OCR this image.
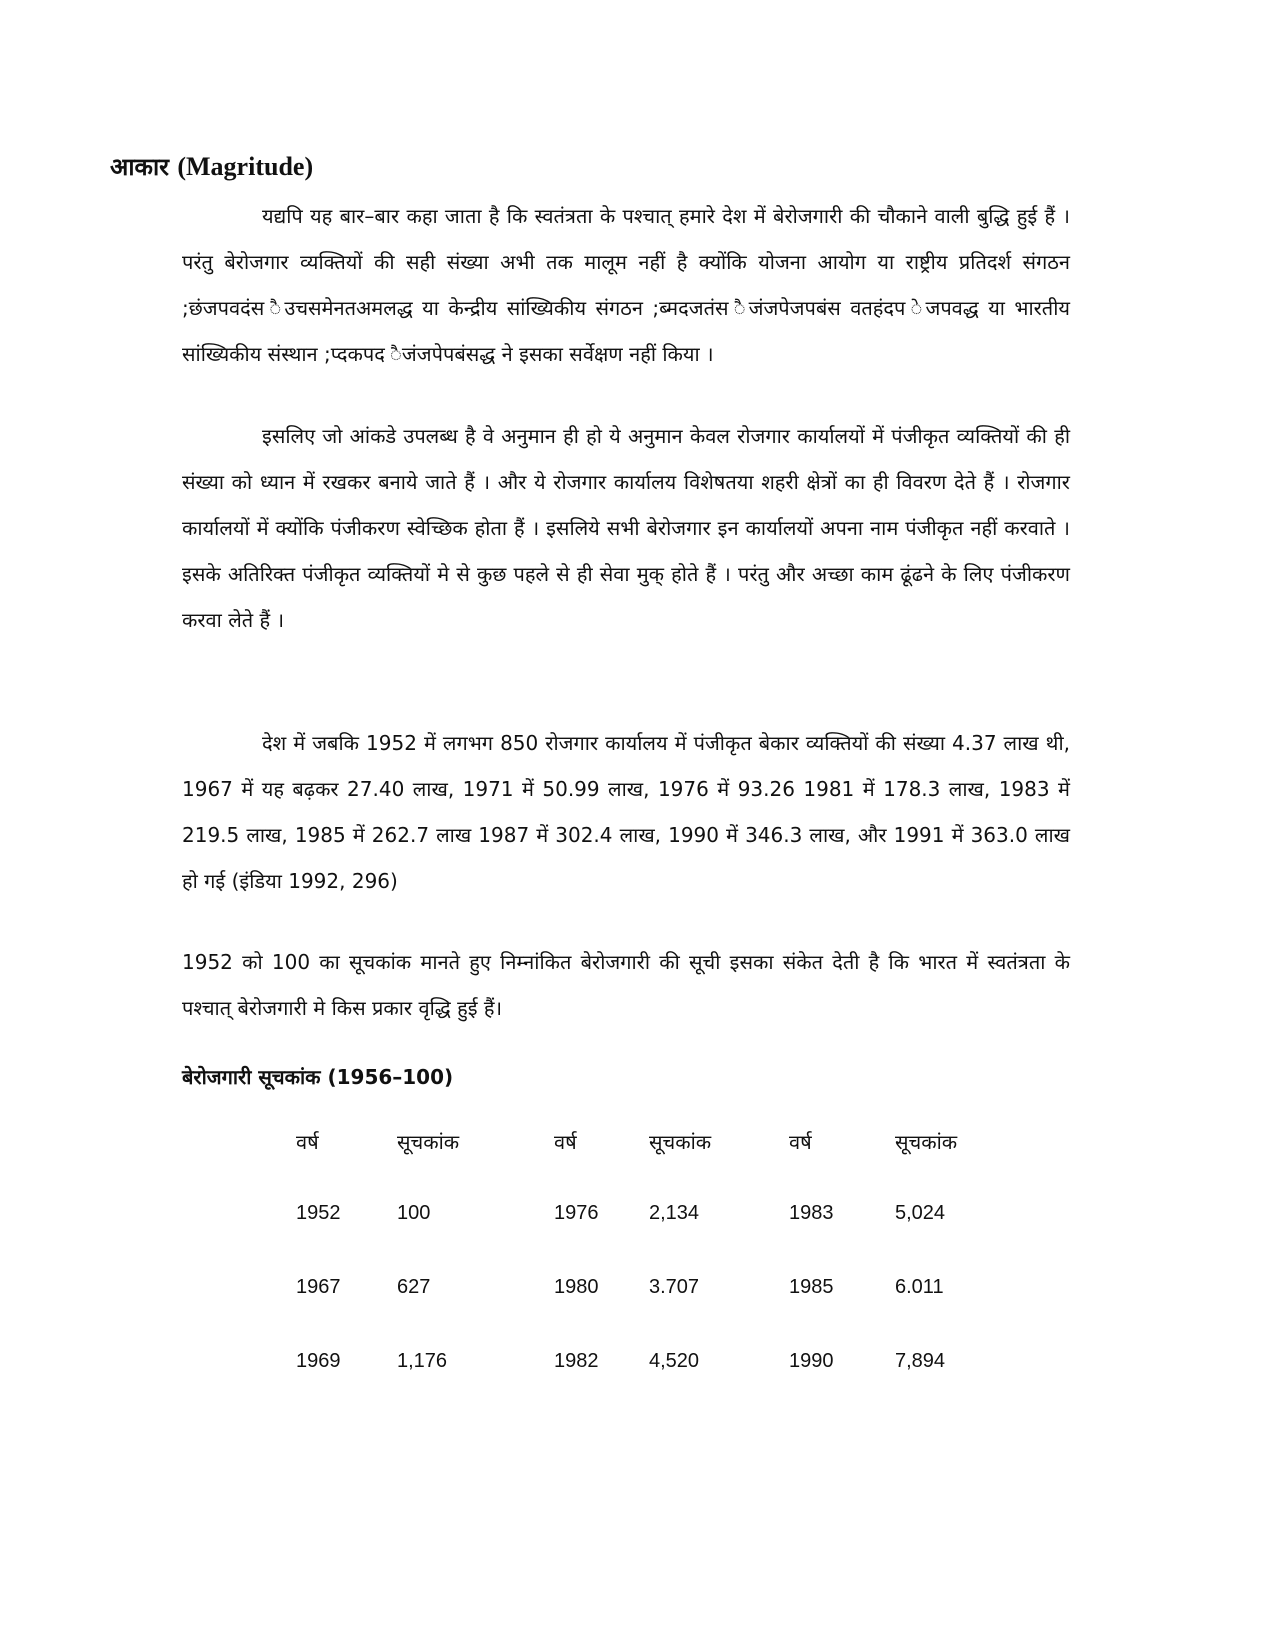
आकार (Magritude)

यद्यपि यह बार–बार कहा जाता है कि स्वतंत्रता के पश्चात् हमारे देश में बेरोजगारी की चौकाने वाली बुद्धि हुई हैं । परंतु बेरोजगार व्यक्तियों की सही संख्या अभी तक मालूम नहीं है क्योंकि योजना आयोग या राष्ट्रीय प्रतिदर्श संगठन ;छंजपवदंस ैउचसमेनतअमलद्ध या केन्द्रीय सांख्यिकीय संगठन ;ब्मदजतंस ैजंजपेजपबंस वतहंदप ेजपवद्ध या भारतीय सांख्यिकीय संस्थान ;प्दकपद ैजंजपेपबंसद्ध ने इसका सर्वेक्षण नहीं किया ।

इसलिए जो आंकडे उपलब्ध है वे अनुमान ही हो ये अनुमान केवल रोजगार कार्यालयों में पंजीकृत व्यक्तियों की ही संख्या को ध्यान में रखकर बनाये जाते हैं । और ये रोजगार कार्यालय विशेषतया शहरी क्षेत्रों का ही विवरण देते हैं । रोजगार कार्यालयों में क्योंकि पंजीकरण स्वेच्छिक होता हैं । इसलिये सभी बेरोजगार इन कार्यालयों अपना नाम पंजीकृत नहीं करवाते । इसके अतिरिक्त पंजीकृत व्यक्तियों मे से कुछ पहले से ही सेवा मुक् होते हैं । परंतु और अच्छा काम ढूंढने के लिए पंजीकरण करवा लेते हैं ।

देश में जबकि 1952 में लगभग 850 रोजगार कार्यालय में पंजीकृत बेकार व्यक्तियों की संख्या 4.37 लाख थी, 1967 में यह बढ़कर 27.40 लाख, 1971 में 50.99 लाख, 1976 में 93.26 1981 में 178.3 लाख, 1983 में 219.5 लाख, 1985 में 262.7 लाख 1987 में 302.4 लाख, 1990 में 346.3 लाख, और 1991 में 363.0 लाख हो गई (इंडिया 1992, 296)

1952 को 100 का सूचकांक मानते हुए निम्नांकित बेरोजगारी की सूची इसका संकेत देती है कि भारत में स्वतंत्रता के पश्चात् बेरोजगारी मे किस प्रकार वृद्धि हुई हैं।

बेरोजगारी सूचकांक (1956–100)
वर्ष	सूचकांक	वर्ष	सूचकांक	वर्ष	सूचकांक
1952	100	1976	2,134	1983	5,024
1967	627	1980	3.707	1985	6.011
1969	1,176	1982	4,520	1990	7,894
